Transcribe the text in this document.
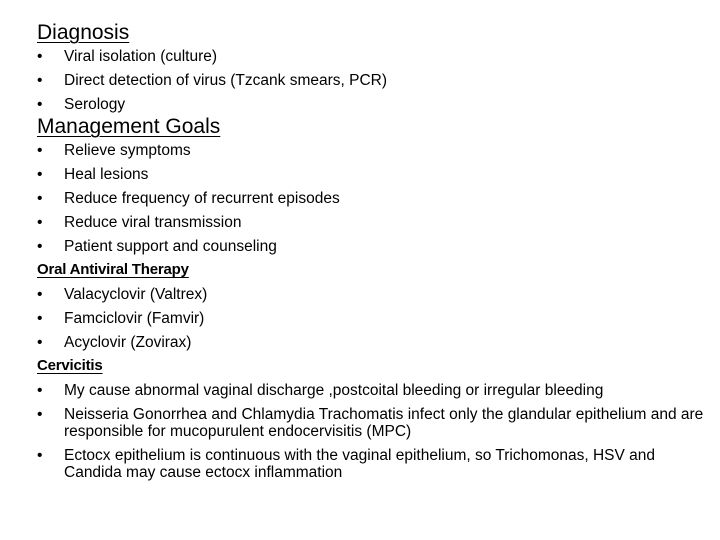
Diagnosis
•	Viral isolation (culture)
•	Direct detection of virus (Tzcank smears, PCR)
•	Serology
Management Goals
•	Relieve symptoms
•	Heal lesions
•	Reduce frequency of recurrent episodes
•	Reduce viral transmission
•	Patient support and counseling
Oral Antiviral Therapy
•	Valacyclovir (Valtrex)
•	Famciclovir (Famvir)
•	Acyclovir (Zovirax)
Cervicitis
•	My cause abnormal vaginal discharge ,postcoital bleeding or irregular bleeding
•	Neisseria Gonorrhea and Chlamydia Trachomatis infect only the glandular epithelium and are responsible for mucopurulent endocervisitis (MPC)
•	Ectocx epithelium is continuous with the vaginal epithelium, so Trichomonas, HSV and Candida may cause ectocx inflammation
